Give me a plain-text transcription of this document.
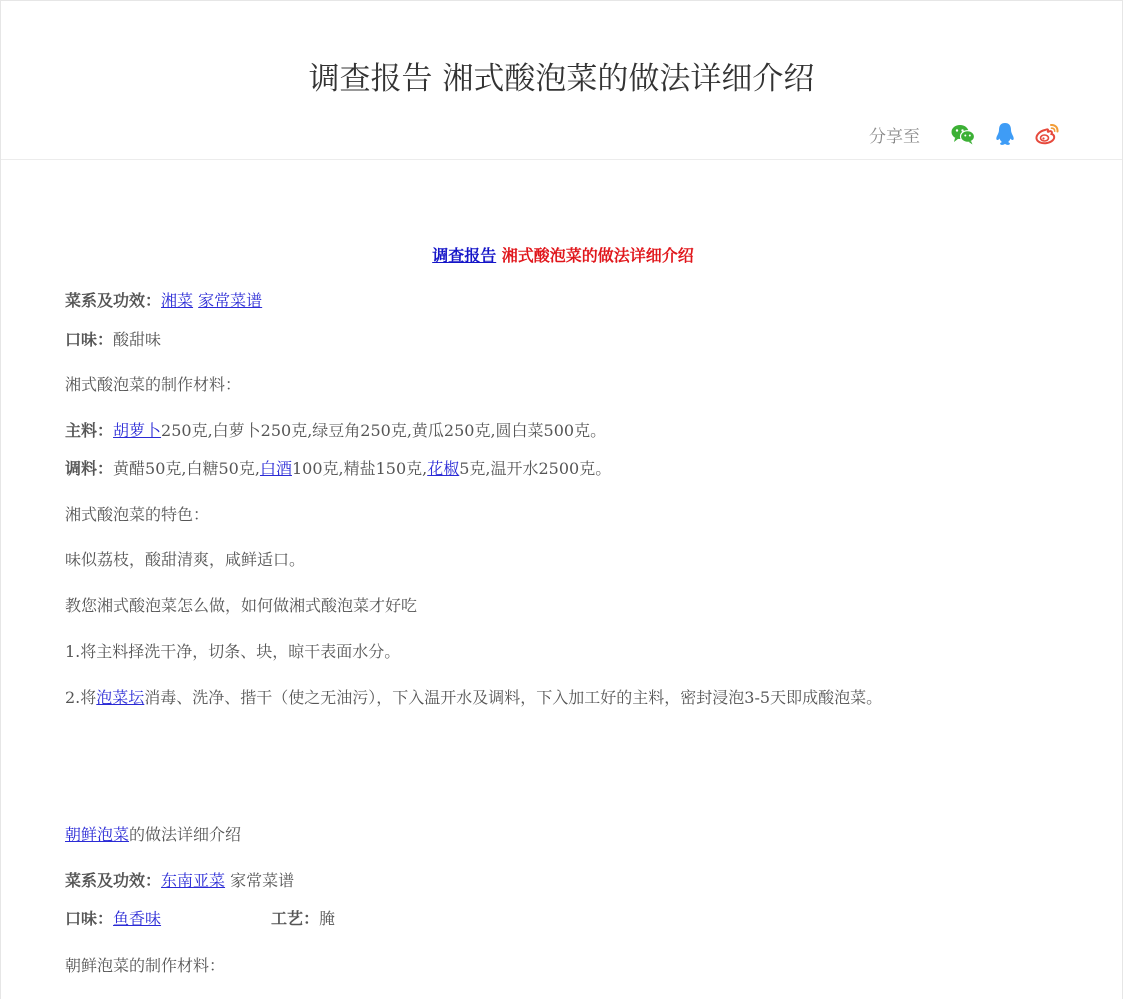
调查报告 湘式酸泡菜的做法详细介绍
分享至
调查报告 湘式酸泡菜的做法详细介绍
菜系及功效：湘菜 家常菜谱
口味：酸甜味
湘式酸泡菜的制作材料：
主料：胡萝卜250克,白萝卜250克,绿豆角250克,黄瓜250克,圆白菜500克。
调料：黄醋50克,白糖50克,白酒100克,精盐150克,花椒5克,温开水2500克。
湘式酸泡菜的特色：
味似荔枝，酸甜清爽，咸鲜适口。
教您湘式酸泡菜怎么做，如何做湘式酸泡菜才好吃
1.将主料择洗干净，切条、块，晾干表面水分。
2.将泡菜坛消毒、洗净、揩干（使之无油污），下入温开水及调料，下入加工好的主料，密封浸泡3-5天即成酸泡菜。
朝鲜泡菜的做法详细介绍
菜系及功效：东南亚菜 家常菜谱
口味：鱼香味	工艺：腌
朝鲜泡菜的制作材料：
